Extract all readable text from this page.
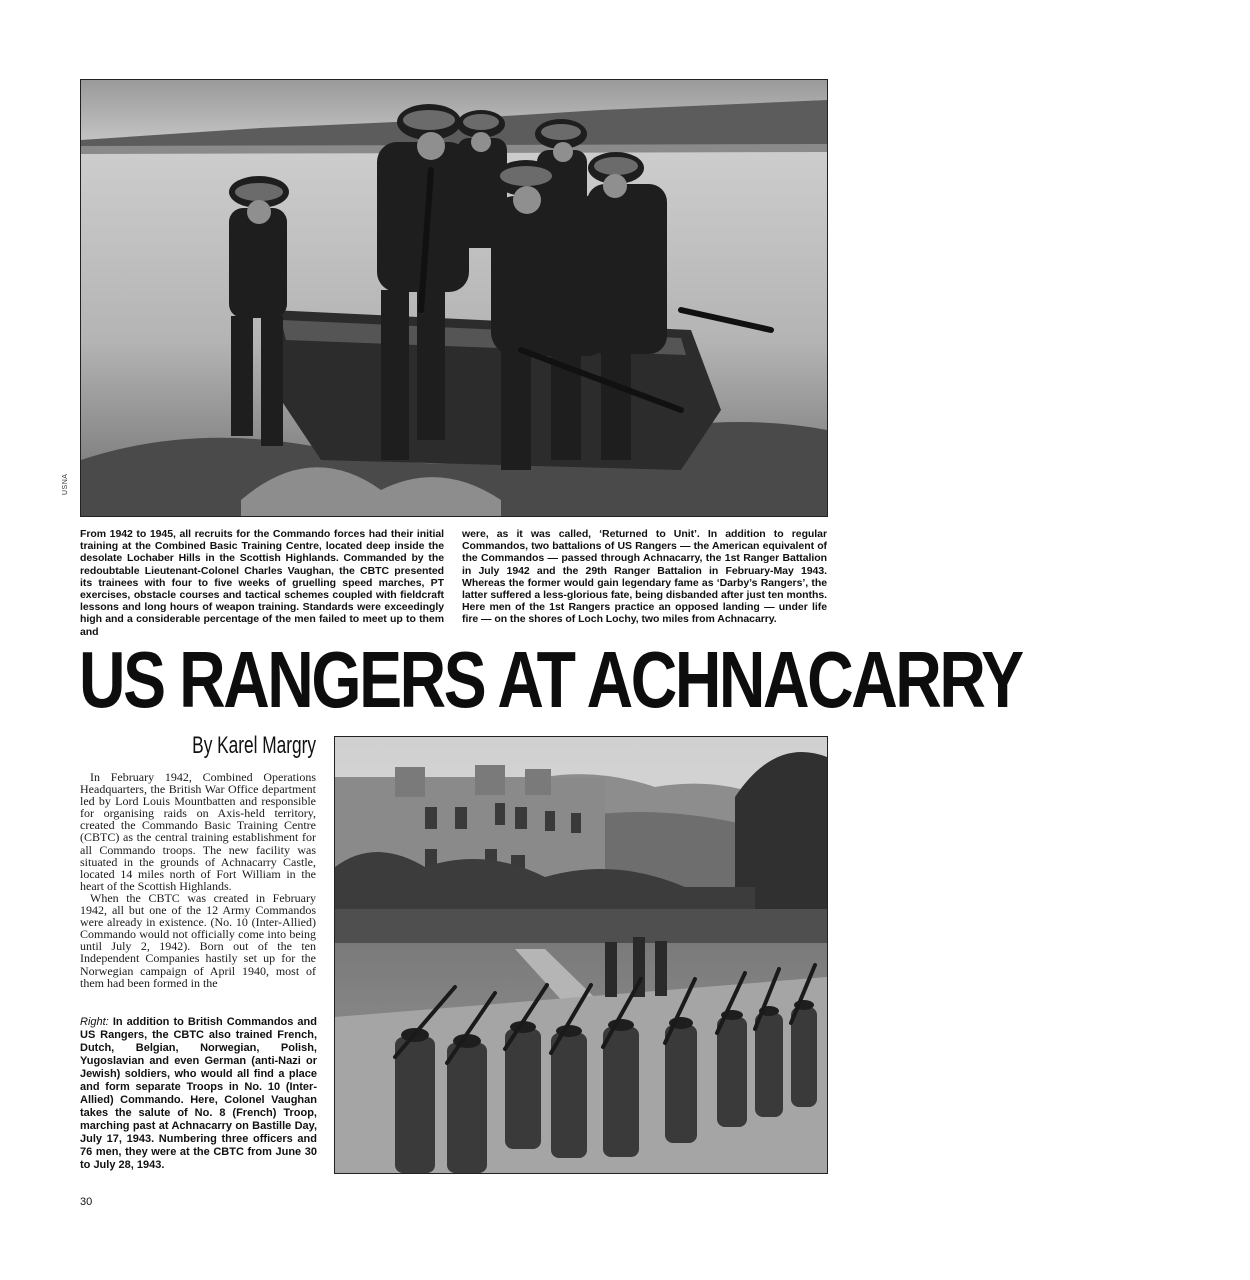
USNA

From 1942 to 1945, all recruits for the Commando forces had their initial training at the Combined Basic Training Centre, located deep inside the desolate Lochaber Hills in the Scottish Highlands. Commanded by the redoubtable Lieutenant-Colonel Charles Vaughan, the CBTC presented its trainees with four to five weeks of gruelling speed marches, PT exercises, obstacle courses and tactical schemes coupled with fieldcraft lessons and long hours of weapon training. Standards were exceedingly high and a considerable percentage of the men failed to meet up to them and

were, as it was called, ‘Returned to Unit’. In addition to regular Commandos, two battalions of US Rangers — the American equivalent of the Commandos — passed through Achnacarry, the 1st Ranger Battalion in July 1942 and the 29th Ranger Battalion in February-May 1943. Whereas the former would gain legendary fame as ‘Darby’s Rangers’, the latter suffered a less-glorious fate, being disbanded after just ten months. Here men of the 1st Rangers practice an opposed landing — under life fire — on the shores of Loch Lochy, two miles from Achnacarry.

US RANGERS AT ACHNACARRY
By Karel Margry

In February 1942, Combined Operations Headquarters, the British War Office department led by Lord Louis Mountbatten and responsible for organising raids on Axis-held territory, created the Commando Basic Training Centre (CBTC) as the central training establishment for all Commando troops. The new facility was situated in the grounds of Achnacarry Castle, located 14 miles north of Fort William in the heart of the Scottish Highlands.

When the CBTC was created in February 1942, all but one of the 12 Army Commandos were already in existence. (No. 10 (Inter-Allied) Commando would not officially come into being until July 2, 1942). Born out of the ten Independent Companies hastily set up for the Norwegian campaign of April 1940, most of them had been formed in the

Right: In addition to British Commandos and US Rangers, the CBTC also trained French, Dutch, Belgian, Norwegian, Polish, Yugoslavian and even German (anti-Nazi or Jewish) soldiers, who would all find a place and form separate Troops in No. 10 (Inter-Allied) Commando. Here, Colonel Vaughan takes the salute of No. 8 (French) Troop, marching past at Achnacarry on Bastille Day, July 17, 1943. Numbering three officers and 76 men, they were at the CBTC from June 30 to July 28, 1943.

30
